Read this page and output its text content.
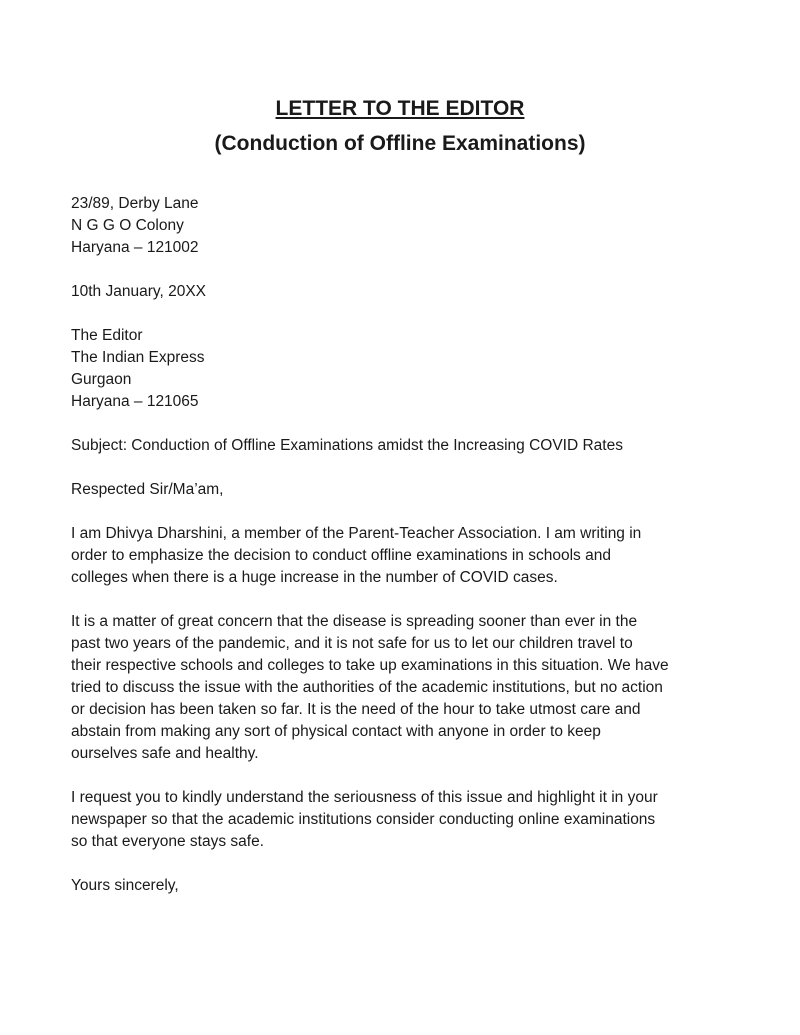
LETTER TO THE EDITOR
(Conduction of Offline Examinations)
23/89, Derby Lane
N G G O Colony
Haryana – 121002
10th January, 20XX
The Editor
The Indian Express
Gurgaon
Haryana – 121065
Subject: Conduction of Offline Examinations amidst the Increasing COVID Rates
Respected Sir/Ma’am,
I am Dhivya Dharshini, a member of the Parent-Teacher Association. I am writing in
order to emphasize the decision to conduct offline examinations in schools and
colleges when there is a huge increase in the number of COVID cases.
It is a matter of great concern that the disease is spreading sooner than ever in the
past two years of the pandemic, and it is not safe for us to let our children travel to
their respective schools and colleges to take up examinations in this situation. We have
tried to discuss the issue with the authorities of the academic institutions, but no action
or decision has been taken so far. It is the need of the hour to take utmost care and
abstain from making any sort of physical contact with anyone in order to keep
ourselves safe and healthy.
I request you to kindly understand the seriousness of this issue and highlight it in your
newspaper so that the academic institutions consider conducting online examinations
so that everyone stays safe.
Yours sincerely,
